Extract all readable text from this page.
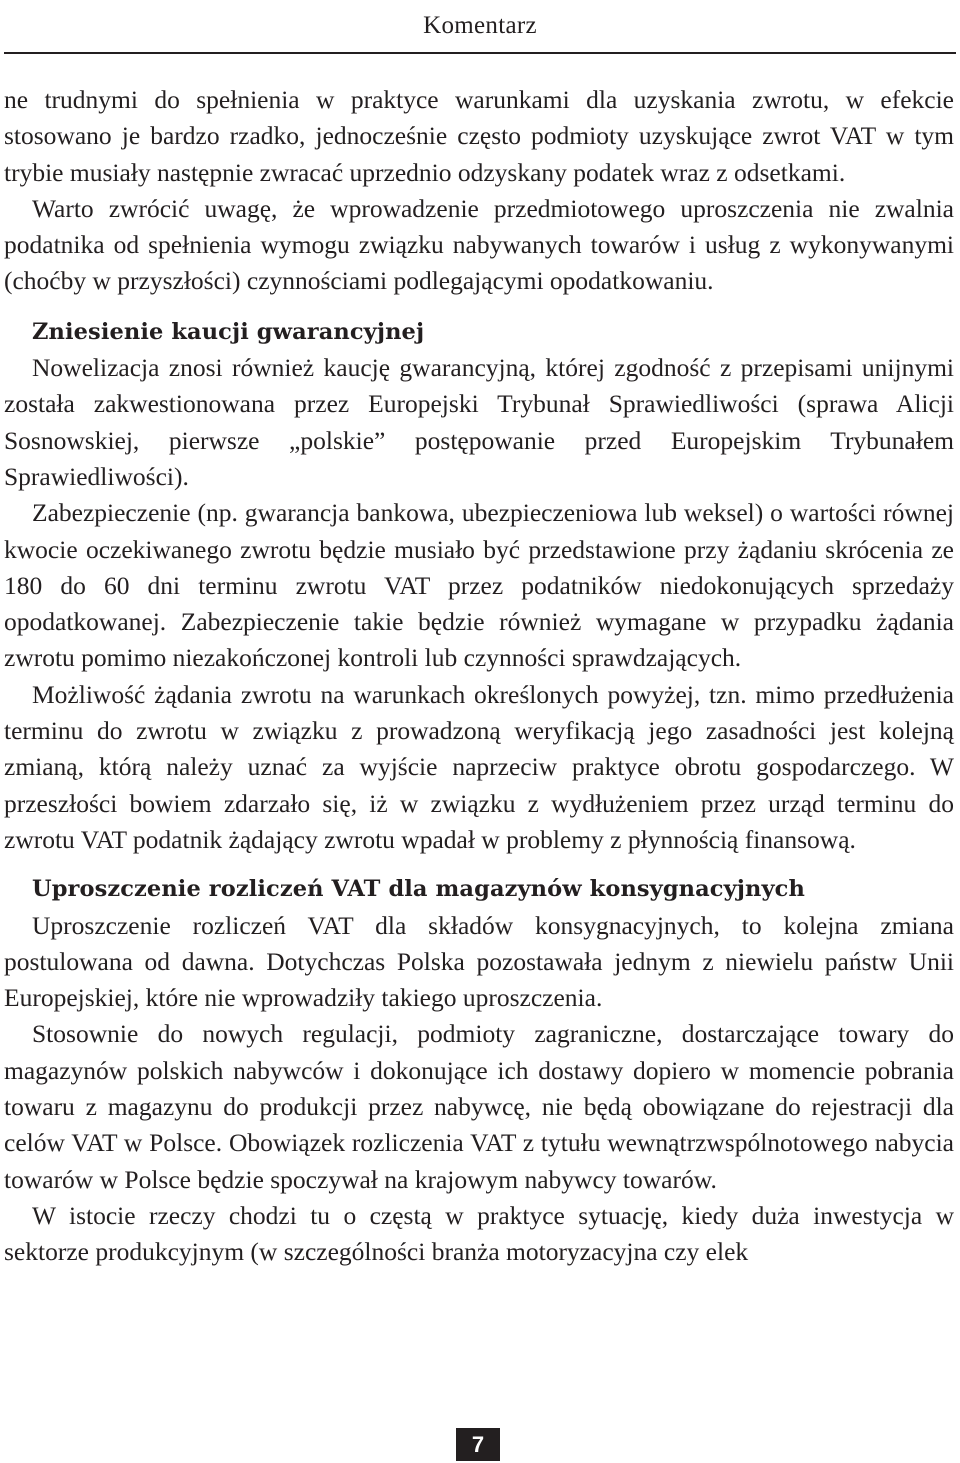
Komentarz

ne trudnymi do spełnienia w praktyce warunkami dla uzyskania zwrotu, w efekcie stosowano je bardzo rzadko, jednocześnie często podmioty uzyskujące zwrot VAT w tym trybie musiały następnie zwracać uprzednio odzyskany podatek wraz z odsetkami.

Warto zwrócić uwagę, że wprowadzenie przedmiotowego uproszczenia nie zwalnia podatnika od spełnienia wymogu związku nabywanych towarów i usług z wykonywanymi (choćby w przyszłości) czynnościami podlegającymi opodatkowaniu.

Zniesienie kaucji gwarancyjnej

Nowelizacja znosi również kaucję gwarancyjną, której zgodność z przepisami unijnymi została zakwestionowana przez Europejski Trybunał Sprawiedliwości (sprawa Alicji Sosnowskiej, pierwsze „polskie” postępowanie przed Europejskim Trybunałem Sprawiedliwości).

Zabezpieczenie (np. gwarancja bankowa, ubezpieczeniowa lub weksel) o wartości równej kwocie oczekiwanego zwrotu będzie musiało być przedstawione przy żądaniu skrócenia ze 180 do 60 dni terminu zwrotu VAT przez podatników niedokonujących sprzedaży opodatkowanej. Zabezpieczenie takie będzie również wymagane w przypadku żądania zwrotu pomimo niezakończonej kontroli lub czynności sprawdzających.

Możliwość żądania zwrotu na warunkach określonych powyżej, tzn. mimo przedłużenia terminu do zwrotu w związku z prowadzoną weryfikacją jego zasadności jest kolejną zmianą, którą należy uznać za wyjście naprzeciw praktyce obrotu gospodarczego. W przeszłości bowiem zdarzało się, iż w związku z wydłużeniem przez urząd terminu do zwrotu VAT podatnik żądający zwrotu wpadał w problemy z płynnością finansową.

Uproszczenie rozliczeń VAT dla magazynów konsygnacyjnych

Uproszczenie rozliczeń VAT dla składów konsygnacyjnych, to kolejna zmiana postulowana od dawna. Dotychczas Polska pozostawała jednym z niewielu państw Unii Europejskiej, które nie wprowadziły takiego uproszczenia.

Stosownie do nowych regulacji, podmioty zagraniczne, dostarczające towary do magazynów polskich nabywców i dokonujące ich dostawy dopiero w momencie pobrania towaru z magazynu do produkcji przez nabywcę, nie będą obowiązane do rejestracji dla celów VAT w Polsce. Obowiązek rozliczenia VAT z tytułu wewnątrzwspólnotowego nabycia towarów w Polsce będzie spoczywał na krajowym nabywcy towarów.

W istocie rzeczy chodzi tu o częstą w praktyce sytuację, kiedy duża inwestycja w sektorze produkcyjnym (w szczególności branża motoryzacyjna czy elek

7
